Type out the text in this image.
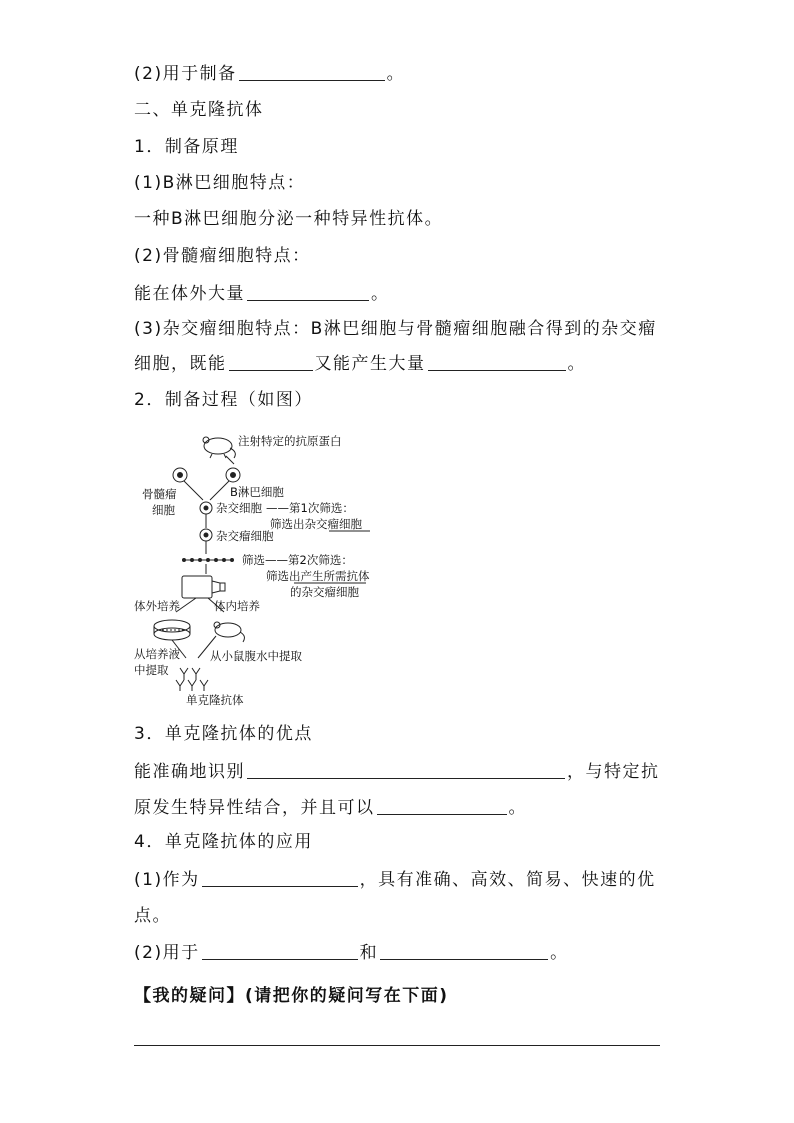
(2)用于制备	。
二、单克隆抗体
1．制备原理
(1)B淋巴细胞特点：
一种B淋巴细胞分泌一种特异性抗体。
(2)骨髓瘤细胞特点：
能在体外大量	。
(3)杂交瘤细胞特点：B淋巴细胞与骨髓瘤细胞融合得到的杂交瘤
细胞，既能	又能产生大量	。
2．制备过程（如图）
注射特定的抗原蛋白
骨髓瘤
细胞
B淋巴细胞
杂交细胞 ——第1次筛选：
筛选出杂交瘤细胞
杂交瘤细胞
筛选——第2次筛选：
筛选出产生所需抗体
的杂交瘤细胞
体外培养	体内培养
从培养液
中提取
从小鼠腹水中提取
单克隆抗体
3．单克隆抗体的优点
能准确地识别	，与特定抗
原发生特异性结合，并且可以	。
4．单克隆抗体的应用
(1)作为	，具有准确、高效、简易、快速的优
点。
(2)用于	和	。
【我的疑问】(请把你的疑问写在下面)
